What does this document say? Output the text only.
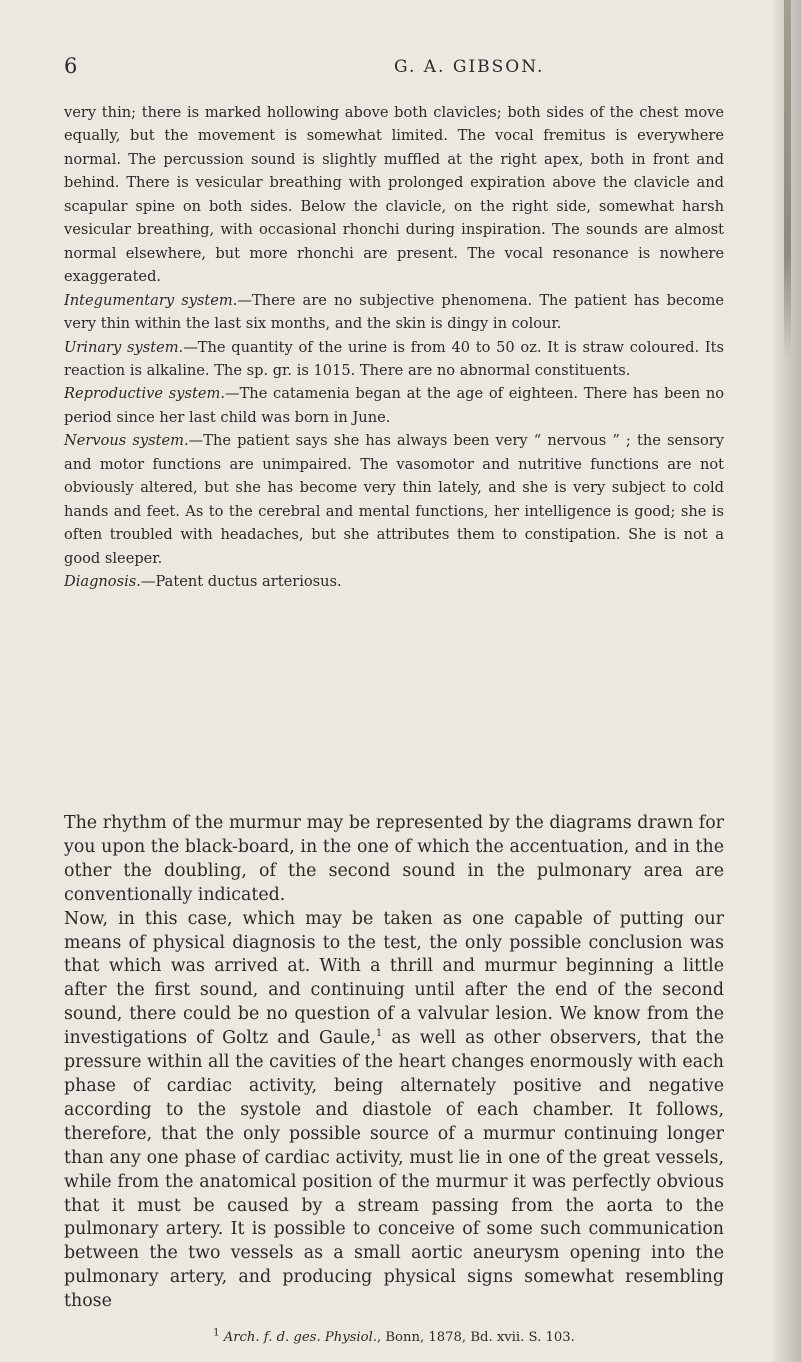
6	G. A. GIBSON.

very thin; there is marked hollowing above both clavicles; both sides of the chest move equally, but the movement is somewhat limited. The vocal fremitus is everywhere normal. The percussion sound is slightly muffled at the right apex, both in front and behind. There is vesicular breathing with prolonged expiration above the clavicle and scapular spine on both sides. Below the clavicle, on the right side, somewhat harsh vesicular breathing, with occasional rhonchi during inspiration. The sounds are almost normal elsewhere, but more rhonchi are present. The vocal resonance is nowhere exaggerated.

Integumentary system.—There are no subjective phenomena. The patient has become very thin within the last six months, and the skin is dingy in colour.

Urinary system.—The quantity of the urine is from 40 to 50 oz. It is straw coloured. Its reaction is alkaline. The sp. gr. is 1015. There are no abnormal constituents.

Reproductive system.—The catamenia began at the age of eighteen. There has been no period since her last child was born in June.

Nervous system.—The patient says she has always been very “ nervous ” ; the sensory and motor functions are unimpaired. The vasomotor and nutritive functions are not obviously altered, but she has become very thin lately, and she is very subject to cold hands and feet. As to the cerebral and mental functions, her intelligence is good; she is often troubled with headaches, but she attributes them to constipation. She is not a good sleeper.

Diagnosis.—Patent ductus arteriosus.

The rhythm of the murmur may be represented by the diagrams drawn for you upon the black-board, in the one of which the accentuation, and in the other the doubling, of the second sound in the pulmonary area are conventionally indicated.

Now, in this case, which may be taken as one capable of putting our means of physical diagnosis to the test, the only possible conclusion was that which was arrived at. With a thrill and murmur beginning a little after the first sound, and continuing until after the end of the second sound, there could be no question of a valvular lesion. We know from the investigations of Goltz and Gaule,$^1$ as well as other observers, that the pressure within all the cavities of the heart changes enormously with each phase of cardiac activity, being alternately positive and negative according to the systole and diastole of each chamber. It follows, therefore, that the only possible source of a murmur continuing longer than any one phase of cardiac activity, must lie in one of the great vessels, while from the anatomical position of the murmur it was perfectly obvious that it must be caused by a stream passing from the aorta to the pulmonary artery. It is possible to conceive of some such communication between the two vessels as a small aortic aneurysm opening into the pulmonary artery, and producing physical signs somewhat resembling those

$^1$ Arch. f. d. ges. Physiol., Bonn, 1878, Bd. xvii. S. 103.
